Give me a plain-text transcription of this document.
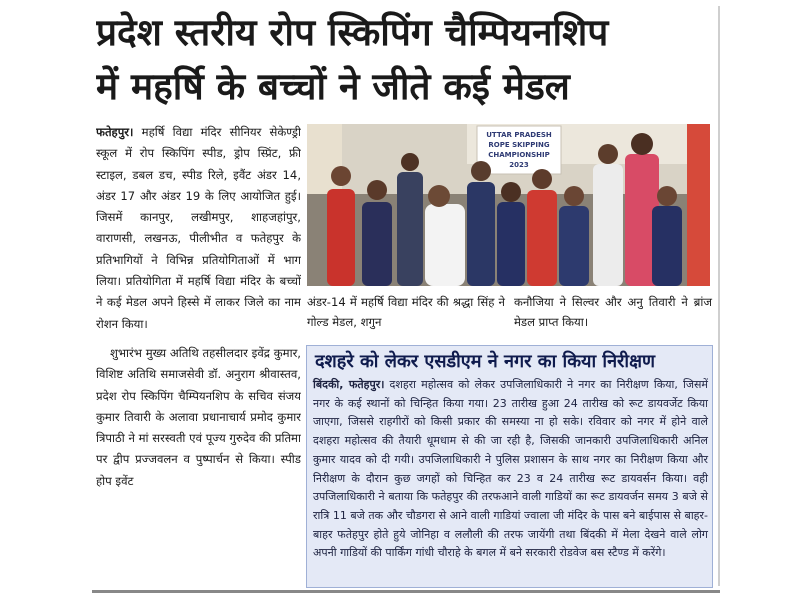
प्रदेश स्तरीय रोप स्किपिंग चैम्पियनशिप
में महर्षि के बच्चों ने जीते कई मेडल

फतेहपुर। महर्षि विद्या मंदिर सीनियर सेकेण्ड्री स्कूल में रोप स्किपिंग स्पीड, ड्रोप स्प्रिंट, फ्री स्टाइल, डबल डच, स्पीड रिले, इवैंट अंडर 14, अंडर 17 और अंडर 19 के लिए आयोजित हुई। जिसमें कानपुर, लखीमपुर, शाहजहांपुर, वाराणसी, लखनऊ, पीलीभीत व फतेहपुर के प्रतिभागियों ने विभिन्न प्रतियोगिताओं में भाग लिया। प्रतियोगिता में महर्षि विद्या मंदिर के बच्चों ने कई मेडल अपने हिस्से में लाकर जिले का नाम रोशन किया।

शुभारंभ मुख्य अतिथि तहसीलदार इवेंद्र कुमार, विशिष्ट अतिथि समाजसेवी डॉ. अनुराग श्रीवास्तव, प्रदेश रोप स्किपिंग चैम्पियनशिप के सचिव संजय कुमार तिवारी के अलावा प्रधानाचार्य प्रमोद कुमार त्रिपाठी ने मां सरस्वती एवं पूज्य गुरुदेव की प्रतिमा पर द्वीप प्रज्जवलन व पुष्पार्चन से किया। स्पीड होप इवेंट

UTTAR PRADESH
ROPE SKIPPING
CHAMPIONSHIP
2023
अंडर-14 में महर्षि विद्या मंदिर की श्रद्धा सिंह ने गोल्ड मेडल, शगुन
कनौजिया ने सिल्वर और अनु तिवारी ने ब्रांज मेडल प्राप्त किया।
दशहरे को लेकर एसडीएम ने नगर का किया निरीक्षण
बिंदकी, फतेहपुर। दशहरा महोत्सव को लेकर उपजिलाधिकारी ने नगर का निरीक्षण किया, जिसमें नगर के कई स्थानों को चिन्हित किया गया। 23 तारीख हुआ 24 तारीख को रूट डायवर्जेट किया जाएगा, जिससे राहगीरों को किसी प्रकार की समस्या ना हो सके। रविवार को नगर में होने वाले दशहरा महोत्सव की तैयारी धूमधाम से की जा रही है, जिसकी जानकारी उपजिलाधिकारी अनिल कुमार यादव को दी गयी। उपजिलाधिकारी ने पुलिस प्रशासन के साथ नगर का निरीक्षण किया और निरीक्षण के दौरान कुछ जगहों को चिन्हित कर 23 व 24 तारीख रूट डायवर्सन किया। वही उपजिलाधिकारी ने बताया कि फतेहपुर की तरफआने वाली गाडियों का रूट डायवर्जन समय 3 बजे से रात्रि 11 बजे तक और चौडगरा से आने वाली गाडियां ज्वाला जी मंदिर के पास बने बाईपास से बाहर-बाहर फतेहपुर होते हुये जोनिहा व ललौली की तरफ जायेंगी तथा बिंदकी में मेला देखने वाले लोग अपनी गाडियों की पार्किंग गांधी चौराहे के बगल में बने सरकारी रोडवेज बस स्टैण्ड में करेंगे।
